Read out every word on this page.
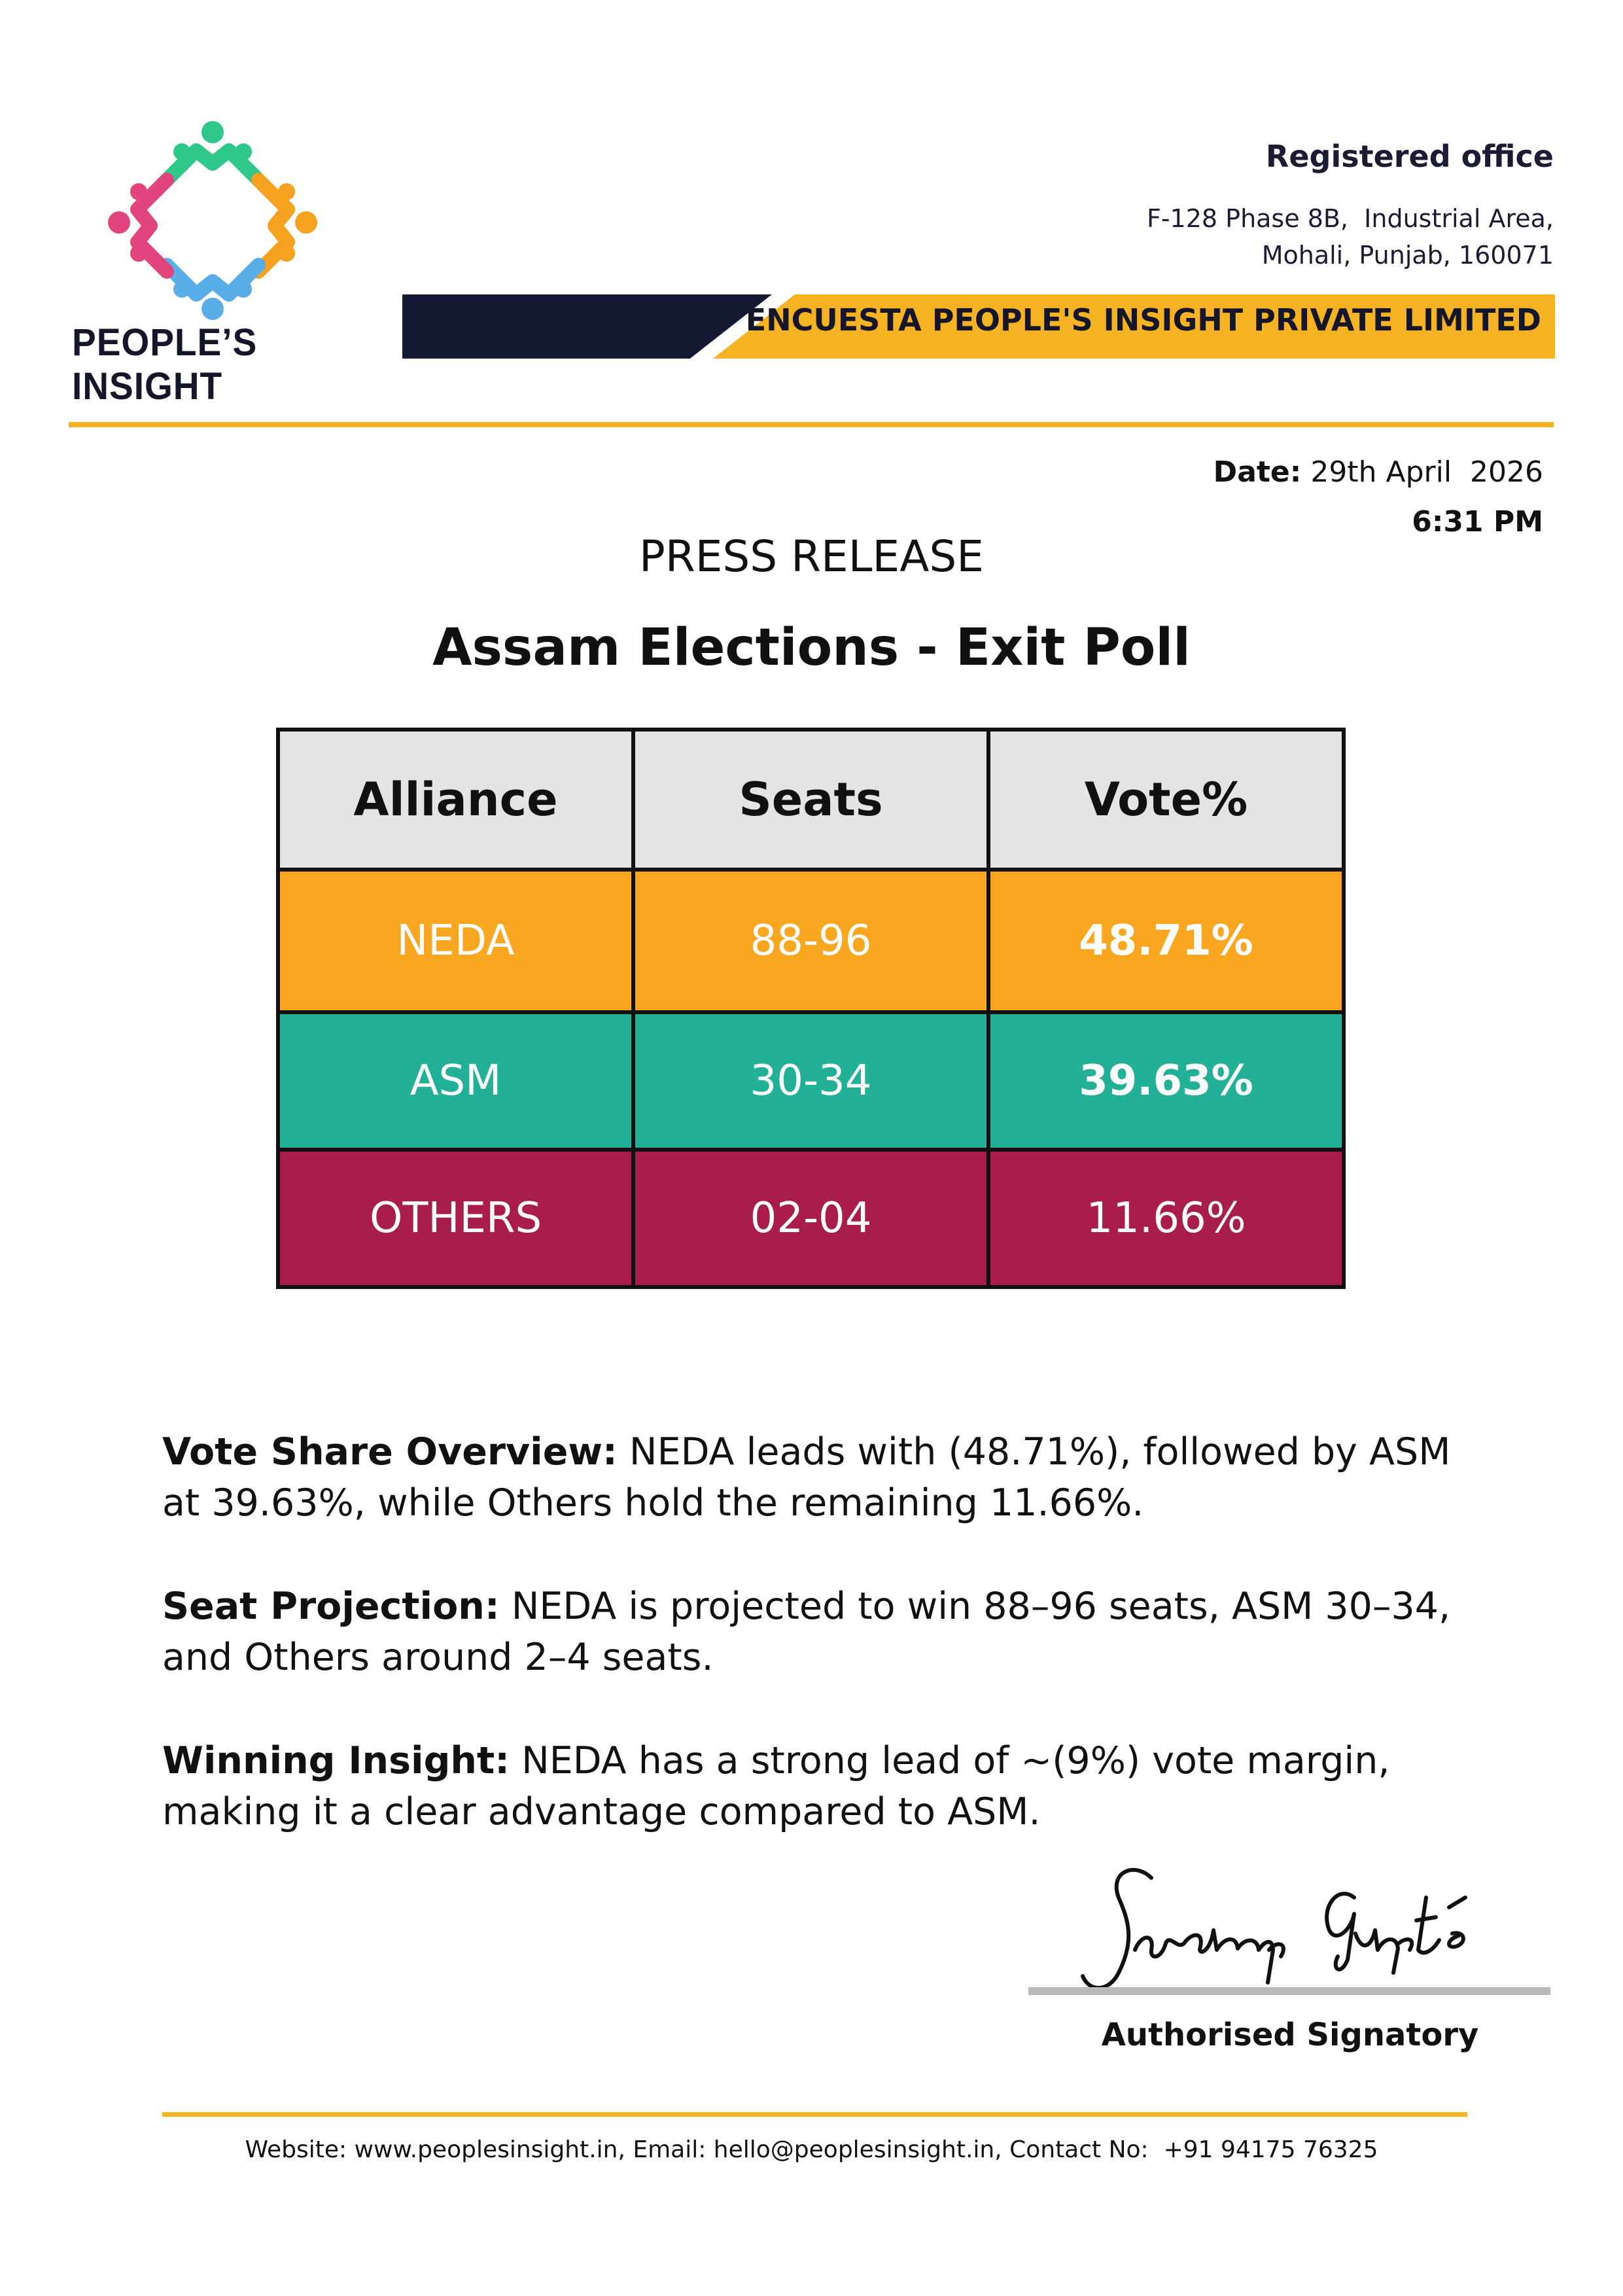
PEOPLE’S INSIGHT
Registered office
F-128 Phase 8B,  Industrial Area,
Mohali, Punjab, 160071
ENCUESTA PEOPLE'S INSIGHT PRIVATE LIMITED
Date: 29th April  2026
6:31 PM
PRESS RELEASE
Assam Elections - Exit Poll
Alliance	Seats	Vote%
NEDA	88-96	48.71%
ASM	30-34	39.63%
OTHERS	02-04	11.66%
Vote Share Overview: NEDA leads with (48.71%), followed by ASM at 39.63%, while Others hold the remaining 11.66%.
Seat Projection: NEDA is projected to win 88–96 seats, ASM 30–34, and Others around 2–4 seats.
Winning Insight: NEDA has a strong lead of ~(9%) vote margin, making it a clear advantage compared to ASM.
Authorised Signatory
Website: www.peoplesinsight.in, Email: hello@peoplesinsight.in, Contact No:  +91 94175 76325
